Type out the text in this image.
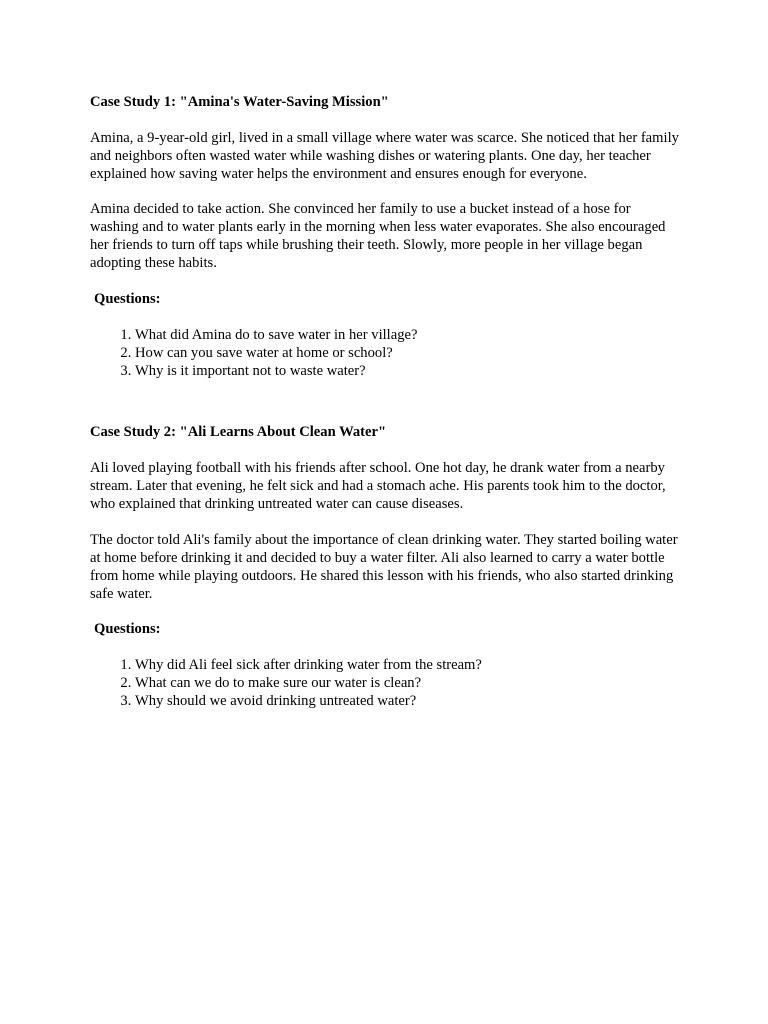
Case Study 1: "Amina's Water-Saving Mission"

Amina, a 9-year-old girl, lived in a small village where water was scarce. She noticed that her family and neighbors often wasted water while washing dishes or watering plants. One day, her teacher explained how saving water helps the environment and ensures enough for everyone.

Amina decided to take action. She convinced her family to use a bucket instead of a hose for washing and to water plants early in the morning when less water evaporates. She also encouraged her friends to turn off taps while brushing their teeth. Slowly, more people in her village began adopting these habits.

Questions:
1. What did Amina do to save water in her village?
2. How can you save water at home or school?
3. Why is it important not to waste water?
Case Study 2: "Ali Learns About Clean Water"

Ali loved playing football with his friends after school. One hot day, he drank water from a nearby stream. Later that evening, he felt sick and had a stomach ache. His parents took him to the doctor, who explained that drinking untreated water can cause diseases.

The doctor told Ali's family about the importance of clean drinking water. They started boiling water at home before drinking it and decided to buy a water filter. Ali also learned to carry a water bottle from home while playing outdoors. He shared this lesson with his friends, who also started drinking safe water.

Questions:
1. Why did Ali feel sick after drinking water from the stream?
2. What can we do to make sure our water is clean?
3. Why should we avoid drinking untreated water?
